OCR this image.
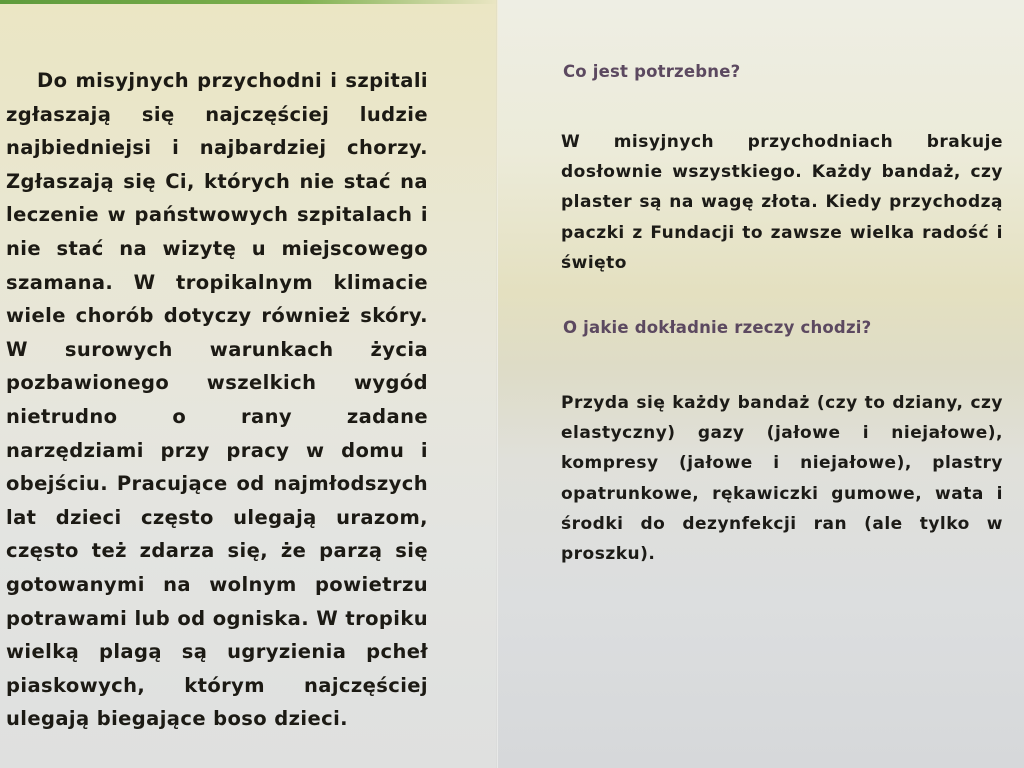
Do misyjnych przychodni i szpitali zgłaszają się najczęściej ludzie najbiedniejsi i najbardziej chorzy. Zgłaszają się Ci, których nie stać na leczenie w państwowych szpitalach i nie stać na wizytę u miejscowego szamana. W tropikalnym klimacie wiele chorób dotyczy również skóry. W surowych warunkach życia pozbawionego wszelkich wygód nietrudno o rany zadane narzędziami przy pracy w domu i obejściu. Pracujące od najmłodszych lat dzieci często ulegają urazom, często też zdarza się, że parzą się gotowanymi na wolnym powietrzu potrawami lub od ogniska. W tropiku wielką plagą są ugryzienia pcheł piaskowych, którym najczęściej ulegają biegające boso dzieci.

Co jest potrzebne?

W misyjnych przychodniach brakuje dosłownie wszystkiego. Każdy bandaż, czy plaster są na wagę złota. Kiedy przychodzą paczki z Fundacji to zawsze wielka radość i święto

O jakie dokładnie rzeczy chodzi?

Przyda się każdy bandaż (czy to dziany, czy elastyczny) gazy (jałowe i niejałowe), kompresy (jałowe i niejałowe), plastry opatrunkowe, rękawiczki gumowe, wata i środki do dezynfekcji ran (ale tylko w proszku).
